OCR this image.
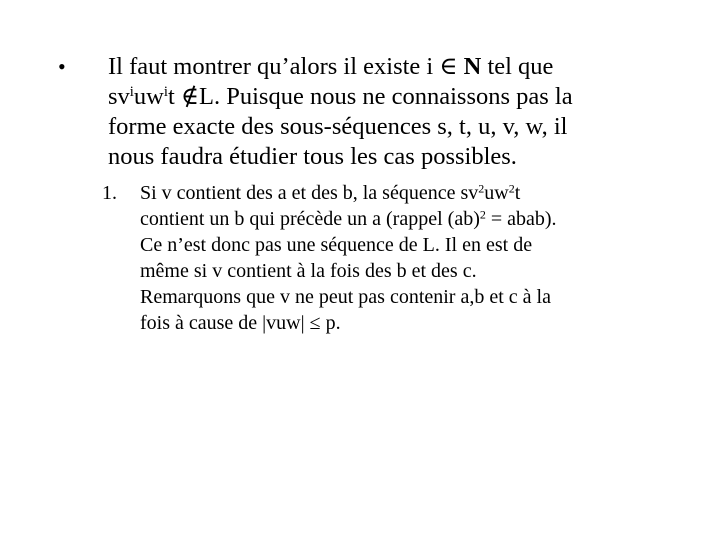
• Il faut montrer qu’alors il existe i ∈ N tel que
$sv^iuw^it$ ∉L. Puisque nous ne connaissons pas la
forme exacte des sous-séquences s, t, u, v, w, il
nous faudra étudier tous les cas possibles.
1. Si v contient des a et des b, la séquence $sv^2uw^2t$
contient un b qui précède un a (rappel (ab)$^2$ = abab).
Ce n’est donc pas une séquence de L. Il en est de
même si v contient à la fois des b et des c.
Remarquons que v ne peut pas contenir a,b et c à la
fois à cause de |vuw| ≤ p.
